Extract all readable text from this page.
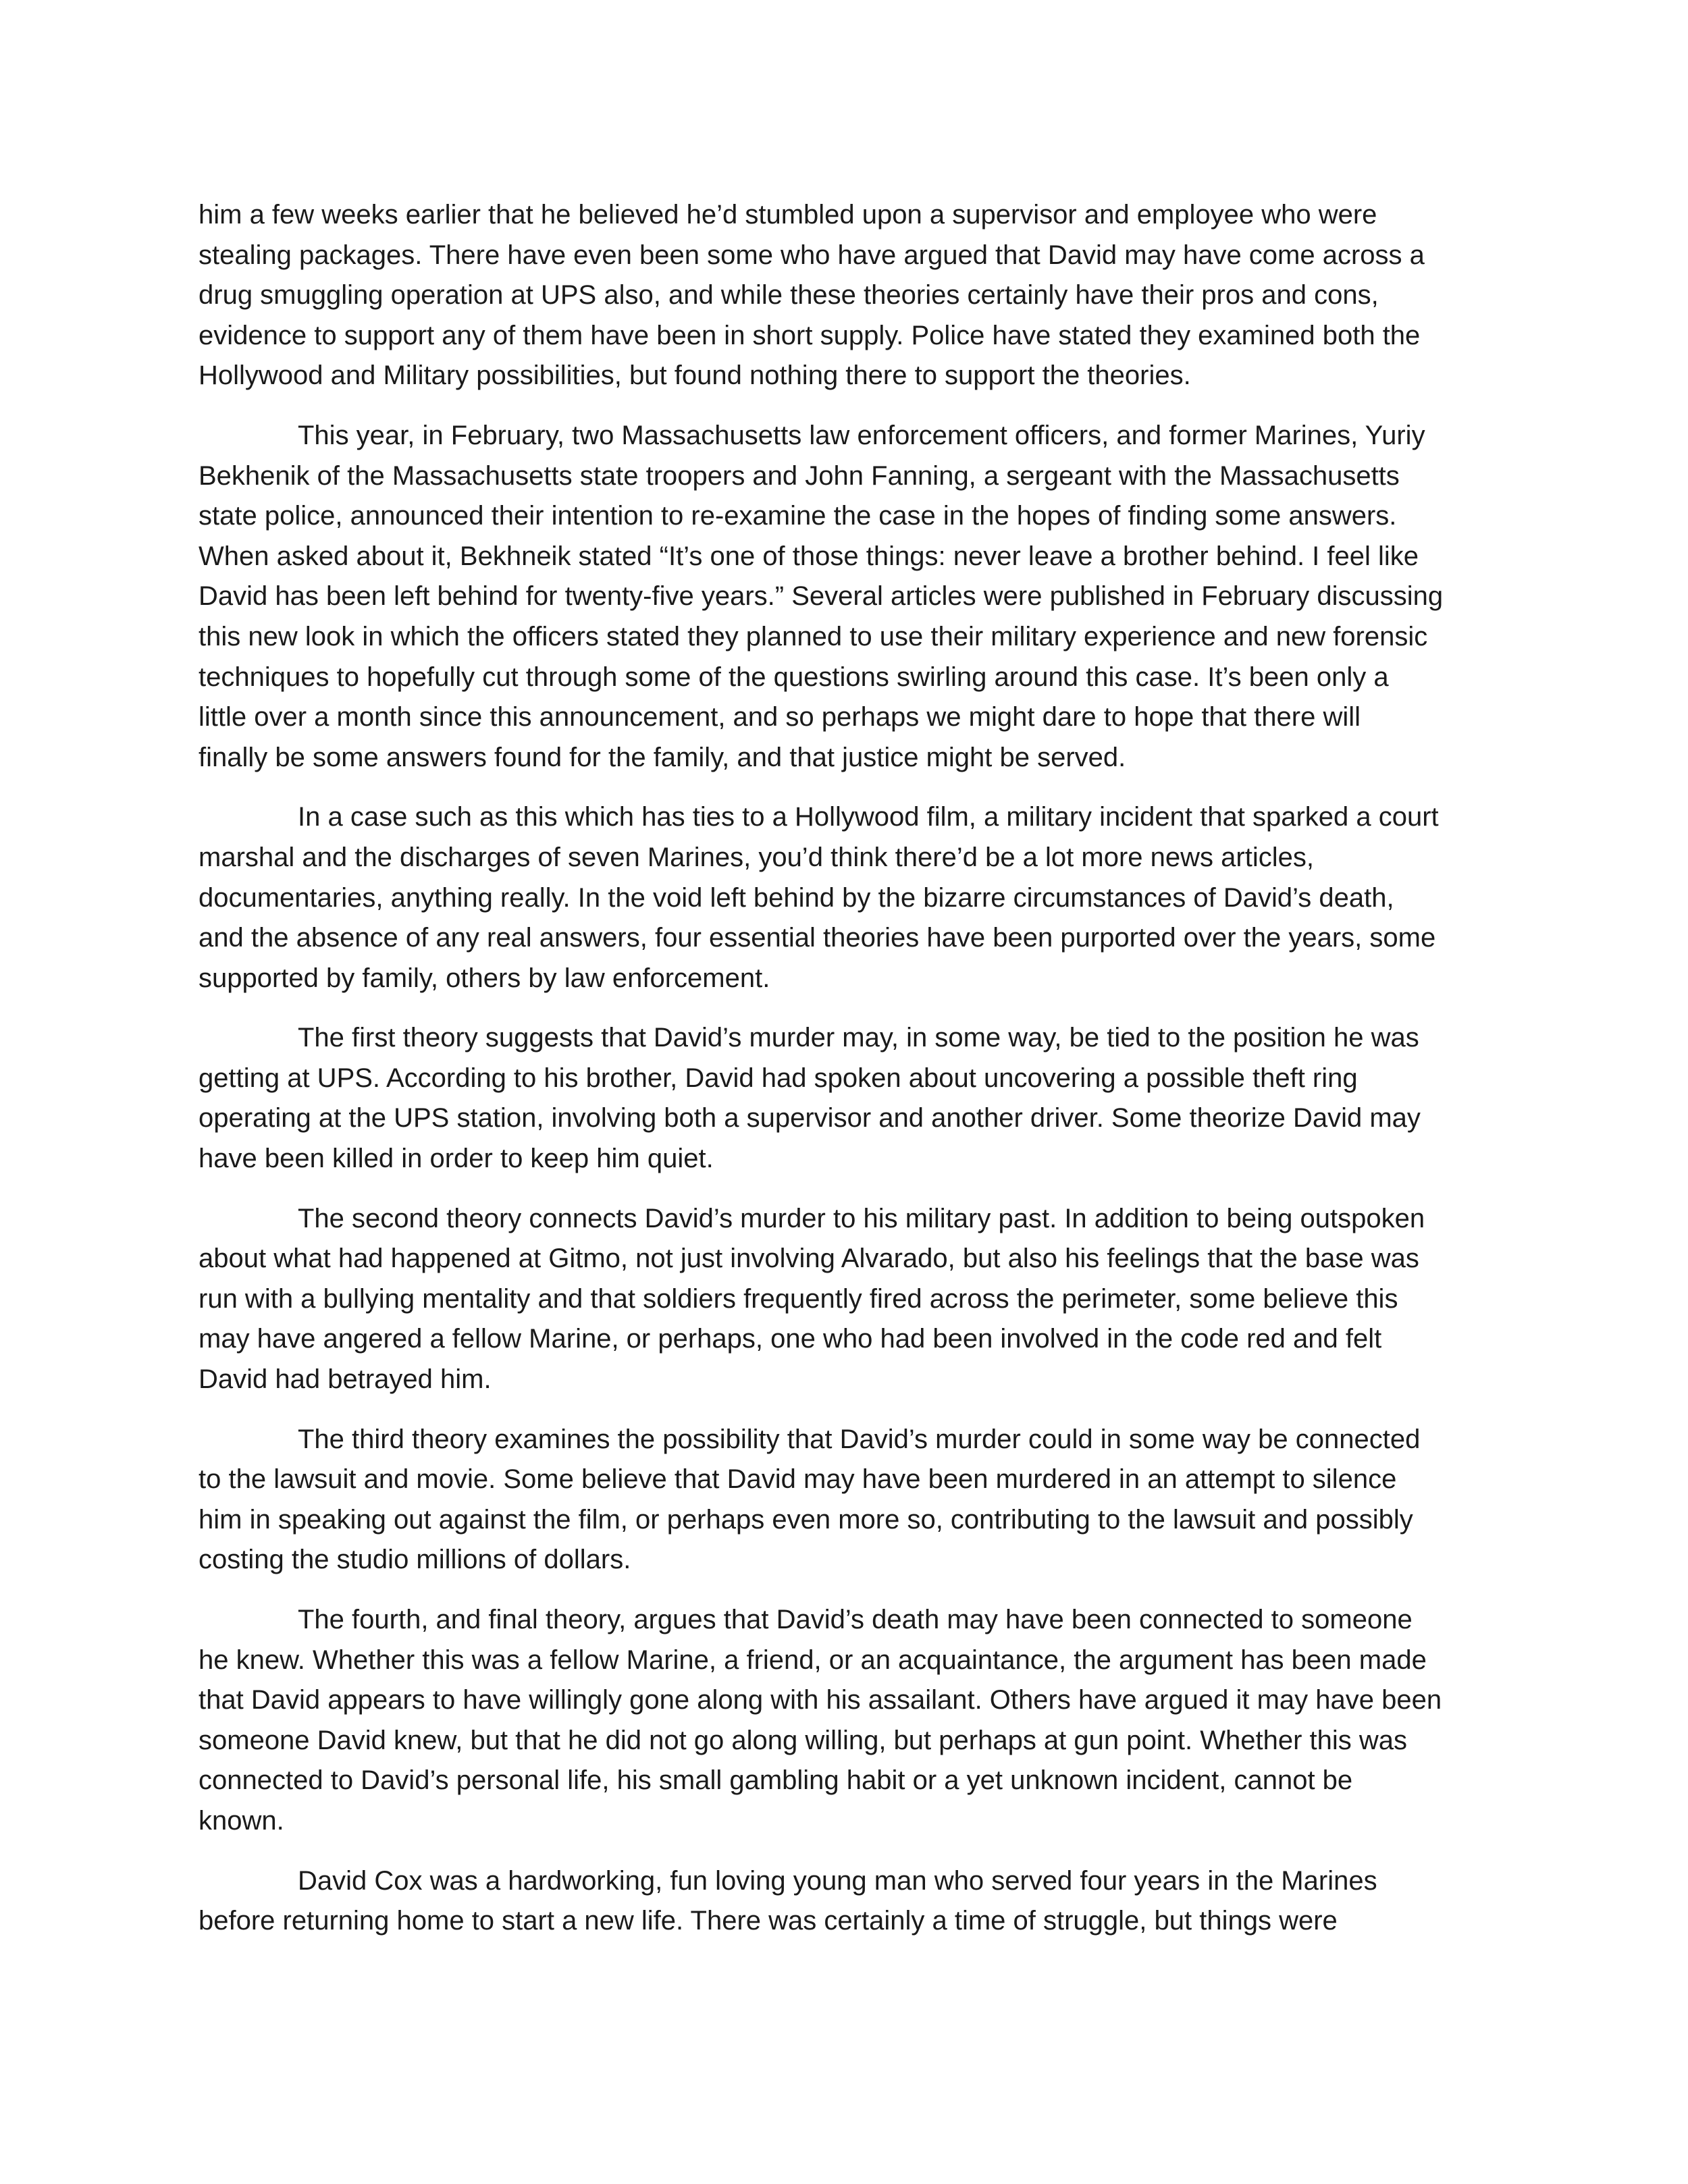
him a few weeks earlier that he believed he’d stumbled upon a supervisor and employee who were
stealing packages. There have even been some who have argued that David may have come across a
drug smuggling operation at UPS also, and while these theories certainly have their pros and cons,
evidence to support any of them have been in short supply. Police have stated they examined both the
Hollywood and Military possibilities, but found nothing there to support the theories.

This year, in February, two Massachusetts law enforcement officers, and former Marines, Yuriy
Bekhenik of the Massachusetts state troopers and John Fanning, a sergeant with the Massachusetts
state police, announced their intention to re-examine the case in the hopes of finding some answers.
When asked about it, Bekhneik stated “It’s one of those things: never leave a brother behind. I feel like
David has been left behind for twenty-five years.” Several articles were published in February discussing
this new look in which the officers stated they planned to use their military experience and new forensic
techniques to hopefully cut through some of the questions swirling around this case. It’s been only a
little over a month since this announcement, and so perhaps we might dare to hope that there will
finally be some answers found for the family, and that justice might be served.

In a case such as this which has ties to a Hollywood film, a military incident that sparked a court
marshal and the discharges of seven Marines, you’d think there’d be a lot more news articles,
documentaries, anything really. In the void left behind by the bizarre circumstances of David’s death,
and the absence of any real answers, four essential theories have been purported over the years, some
supported by family, others by law enforcement.

The first theory suggests that David’s murder may, in some way, be tied to the position he was
getting at UPS. According to his brother, David had spoken about uncovering a possible theft ring
operating at the UPS station, involving both a supervisor and another driver. Some theorize David may
have been killed in order to keep him quiet.

The second theory connects David’s murder to his military past. In addition to being outspoken
about what had happened at Gitmo, not just involving Alvarado, but also his feelings that the base was
run with a bullying mentality and that soldiers frequently fired across the perimeter, some believe this
may have angered a fellow Marine, or perhaps, one who had been involved in the code red and felt
David had betrayed him.

The third theory examines the possibility that David’s murder could in some way be connected
to the lawsuit and movie. Some believe that David may have been murdered in an attempt to silence
him in speaking out against the film, or perhaps even more so, contributing to the lawsuit and possibly
costing the studio millions of dollars.

The fourth, and final theory, argues that David’s death may have been connected to someone
he knew. Whether this was a fellow Marine, a friend, or an acquaintance, the argument has been made
that David appears to have willingly gone along with his assailant. Others have argued it may have been
someone David knew, but that he did not go along willing, but perhaps at gun point. Whether this was
connected to David’s personal life, his small gambling habit or a yet unknown incident, cannot be
known.

David Cox was a hardworking, fun loving young man who served four years in the Marines
before returning home to start a new life. There was certainly a time of struggle, but things were
